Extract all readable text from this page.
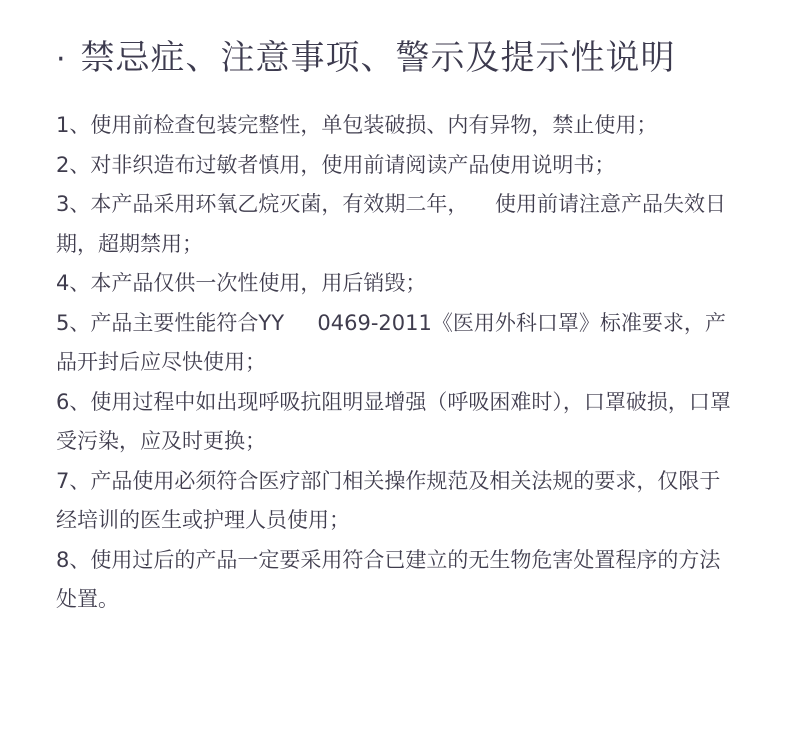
· 禁忌症、注意事项、警示及提示性说明
1、使用前检查包装完整性，单包装破损、内有异物，禁止使用；
2、对非织造布过敏者慎用，使用前请阅读产品使用说明书；
3、本产品采用环氧乙烷灭菌，有效期二年，    使用前请注意产品失效日期，超期禁用；
4、本产品仅供一次性使用，用后销毁；
5、产品主要性能符合YY     0469-2011《医用外科口罩》标准要求，产品开封后应尽快使用；
6、使用过程中如出现呼吸抗阻明显增强（呼吸困难时），口罩破损，口罩受污染，应及时更换；
7、产品使用必须符合医疗部门相关操作规范及相关法规的要求，仅限于经培训的医生或护理人员使用；
8、使用过后的产品一定要采用符合已建立的无生物危害处置程序的方法处置。
